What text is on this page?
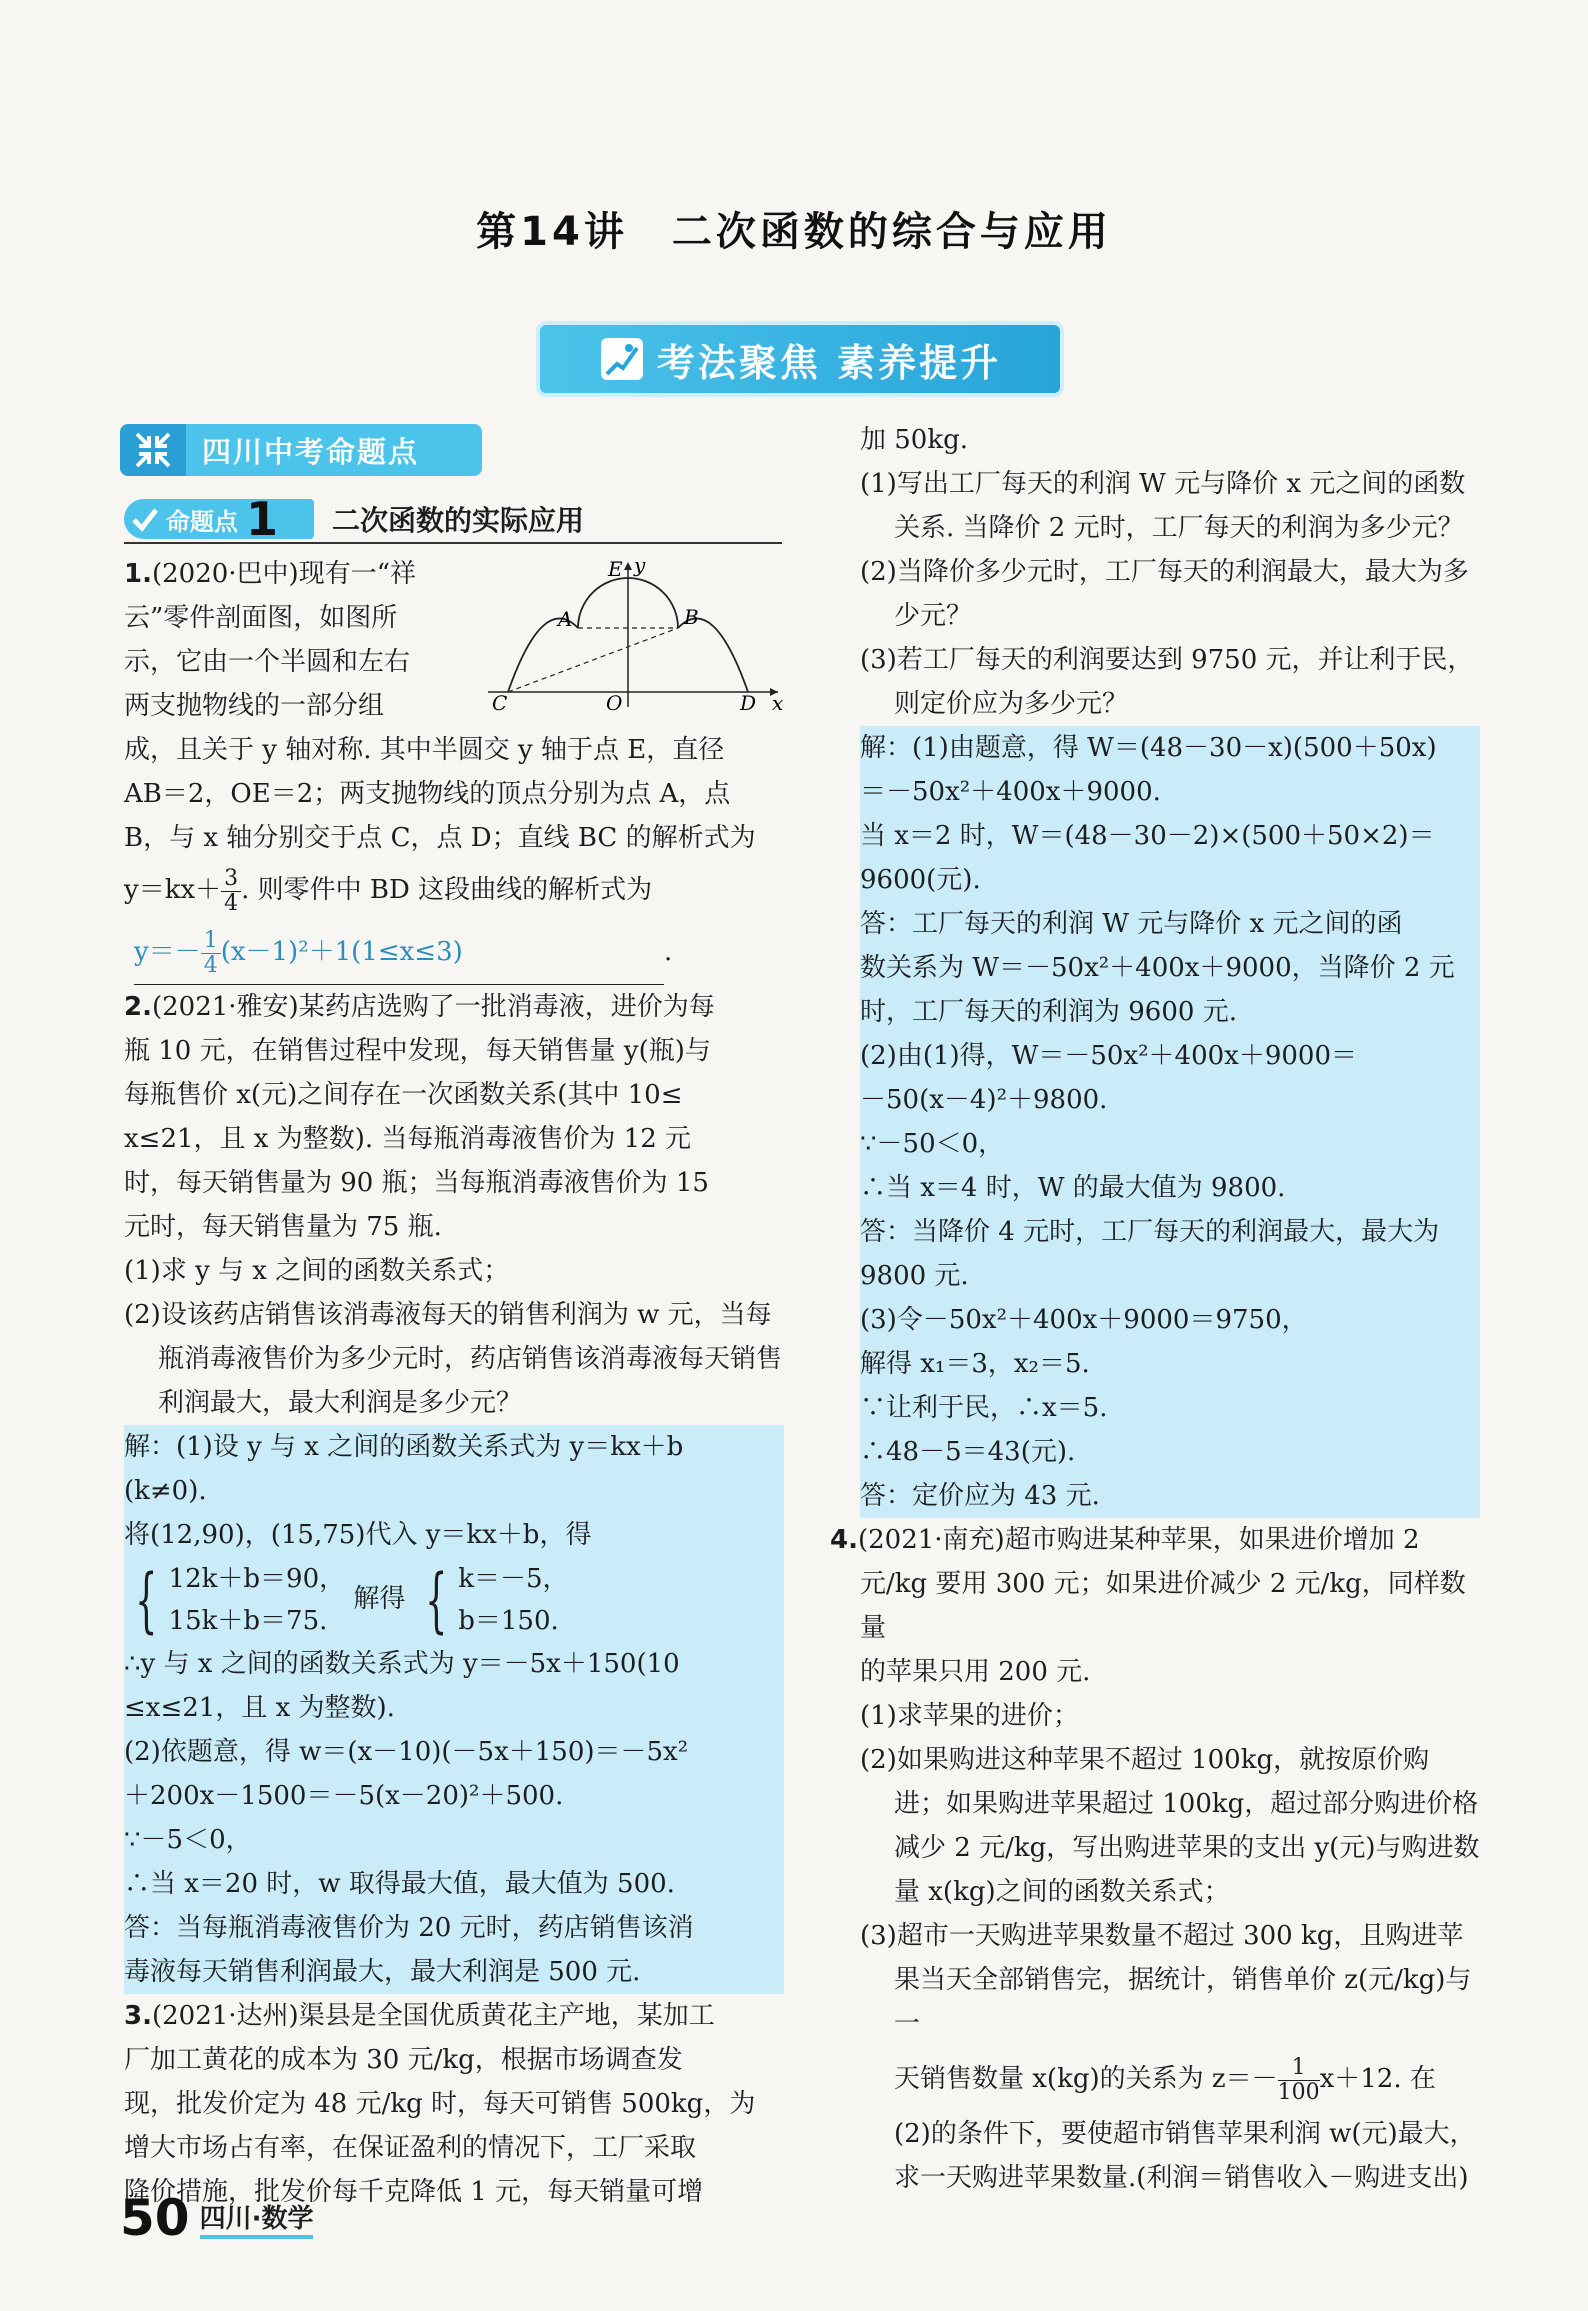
第14讲　二次函数的综合与应用
考法聚焦 素养提升
四川中考命题点
命题点 1 二次函数的实际应用
E y
A	B
C	O	D x

1.(2020·巴中)现有一“祥

云”零件剖面图，如图所

示，它由一个半圆和左右

两支抛物线的一部分组

成，且关于 y 轴对称. 其中半圆交 y 轴于点 E，直径

AB＝2，OE＝2；两支抛物线的顶点分别为点 A，点

B，与 x 轴分别交于点 C，点 D；直线 BC 的解析式为

$y=kx+ \frac{3}{4}$ . 则零件中 BD 这段曲线的解析式为

$y=- \frac{1}{4} (x-1)^2+1(1\le x\le 3)$	.

2.(2021·雅安)某药店选购了一批消毒液，进价为每

瓶 10 元，在销售过程中发现，每天销售量 y(瓶)与

每瓶售价 x(元)之间存在一次函数关系(其中 10≤

x≤21，且 x 为整数). 当每瓶消毒液售价为 12 元

时，每天销售量为 90 瓶；当每瓶消毒液售价为 15

元时，每天销售量为 75 瓶.

(1)求 y 与 x 之间的函数关系式；

(2)设该药店销售该消毒液每天的销售利润为 w 元，当每瓶消毒液售价为多少元时，药店销售该消毒液每天销售利润最大，最大利润是多少元？

解：(1)设 y 与 x 之间的函数关系式为 y＝kx＋b

(k≠0).

将(12,90)，(15,75)代入 y＝kx＋b，得

{ 12k＋b＝90，
15k＋b＝75.
解得 { k＝－5，
b＝150.

∴y 与 x 之间的函数关系式为 y＝－5x＋150(10

≤x≤21，且 x 为整数).

(2)依题意，得 w＝(x－10)(－5x＋150)＝－5x²

＋200x－1500＝－5(x－20)²＋500.

∵－5＜0，

∴当 x＝20 时，w 取得最大值，最大值为 500.

答：当每瓶消毒液售价为 20 元时，药店销售该消

毒液每天销售利润最大，最大利润是 500 元.

3.(2021·达州)渠县是全国优质黄花主产地，某加工

厂加工黄花的成本为 30 元/kg，根据市场调查发

现，批发价定为 48 元/kg 时，每天可销售 500kg，为

增大市场占有率，在保证盈利的情况下，工厂采取

降价措施，批发价每千克降低 1 元，每天销量可增

加 50kg.

(1)写出工厂每天的利润 W 元与降价 x 元之间的函数关系. 当降价 2 元时，工厂每天的利润为多少元？

(2)当降价多少元时，工厂每天的利润最大，最大为多少元？

(3)若工厂每天的利润要达到 9750 元，并让利于民，则定价应为多少元？

解：(1)由题意，得 W＝(48－30－x)(500＋50x)

＝－50x²＋400x＋9000.

当 x＝2 时，W＝(48－30－2)×(500＋50×2)＝

9600(元).

答：工厂每天的利润 W 元与降价 x 元之间的函

数关系为 W＝－50x²＋400x＋9000，当降价 2 元

时，工厂每天的利润为 9600 元.

(2)由(1)得，W＝－50x²＋400x＋9000＝

－50(x－4)²＋9800.

∵－50＜0，

∴当 x＝4 时，W 的最大值为 9800.

答：当降价 4 元时，工厂每天的利润最大，最大为

9800 元.

(3)令－50x²＋400x＋9000＝9750，

解得 x₁＝3，x₂＝5.

∵让利于民，∴x＝5.

∴48－5＝43(元).

答：定价应为 43 元.

4.(2021·南充)超市购进某种苹果，如果进价增加 2

元/kg 要用 300 元；如果进价减少 2 元/kg，同样数量

的苹果只用 200 元.

(1)求苹果的进价；

(2)如果购进这种苹果不超过 100kg，就按原价购进；如果购进苹果超过 100kg，超过部分购进价格减少 2 元/kg，写出购进苹果的支出 y(元)与购进数量 x(kg)之间的函数关系式；

(3)超市一天购进苹果数量不超过 300 kg，且购进苹果当天全部销售完，据统计，销售单价 z(元/kg)与一

天销售数量 x(kg)的关系为 $z=- \frac{1}{100} x+12$. 在

(2)的条件下，要使超市销售苹果利润 w(元)最大，求一天购进苹果数量.(利润＝销售收入－购进支出)

50 四川·数学
